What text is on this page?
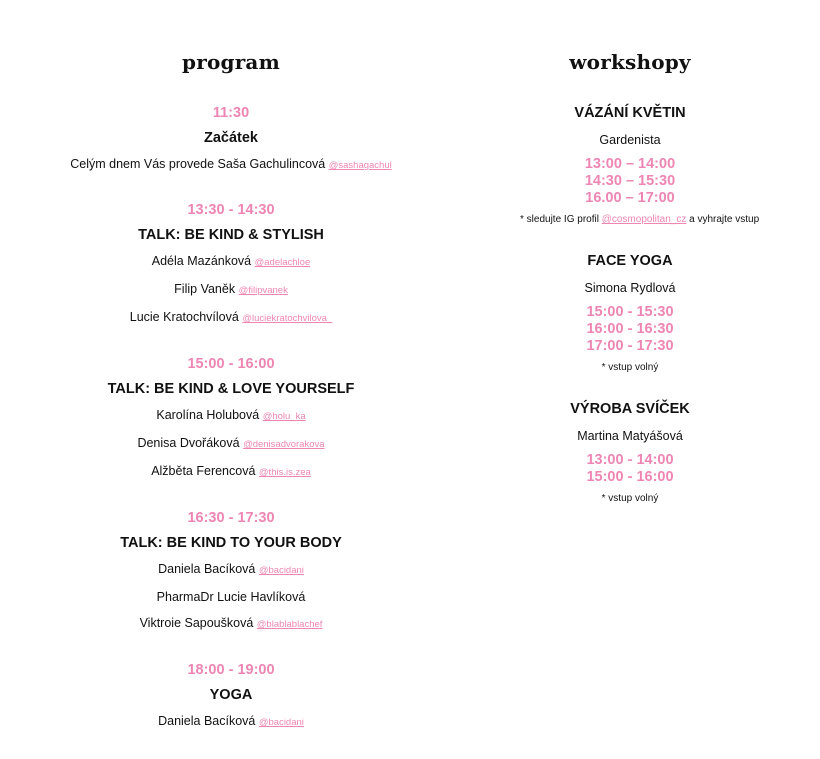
program
11:30
Začátek
Celým dnem Vás provede Saša Gachulincová @sashagachul
13:30 - 14:30
TALK: BE KIND & STYLISH
Adéla Mazánková @adelachloe
Filip Vaněk @filipvanek
Lucie Kratochvílová @luciekratochvilova_
15:00 - 16:00
TALK: BE KIND & LOVE YOURSELF
Karolína Holubová @holu_ka
Denisa Dvořáková @denisadvorakova
Alžběta Ferencová @this.is.zea
16:30 - 17:30
TALK: BE KIND TO YOUR BODY
Daniela Bacíková @bacidani
PharmaDr Lucie Havlíková
Viktroie Sapoušková @blablablachef
18:00 - 19:00
YOGA
Daniela Bacíková @bacidani
workshopy
VÁZÁNÍ KVĚTIN
Gardenista
13:00 – 14:00
14:30 – 15:30
16.00 – 17:00
* sledujte IG profil @cosmopolitan_cz a vyhrajte vstup
FACE YOGA
Simona Rydlová
15:00 - 15:30
16:00 - 16:30
17:00 - 17:30
* vstup volný
VÝROBA SVÍČEK
Martina Matyášová
13:00 - 14:00
15:00 - 16:00
* vstup volný
